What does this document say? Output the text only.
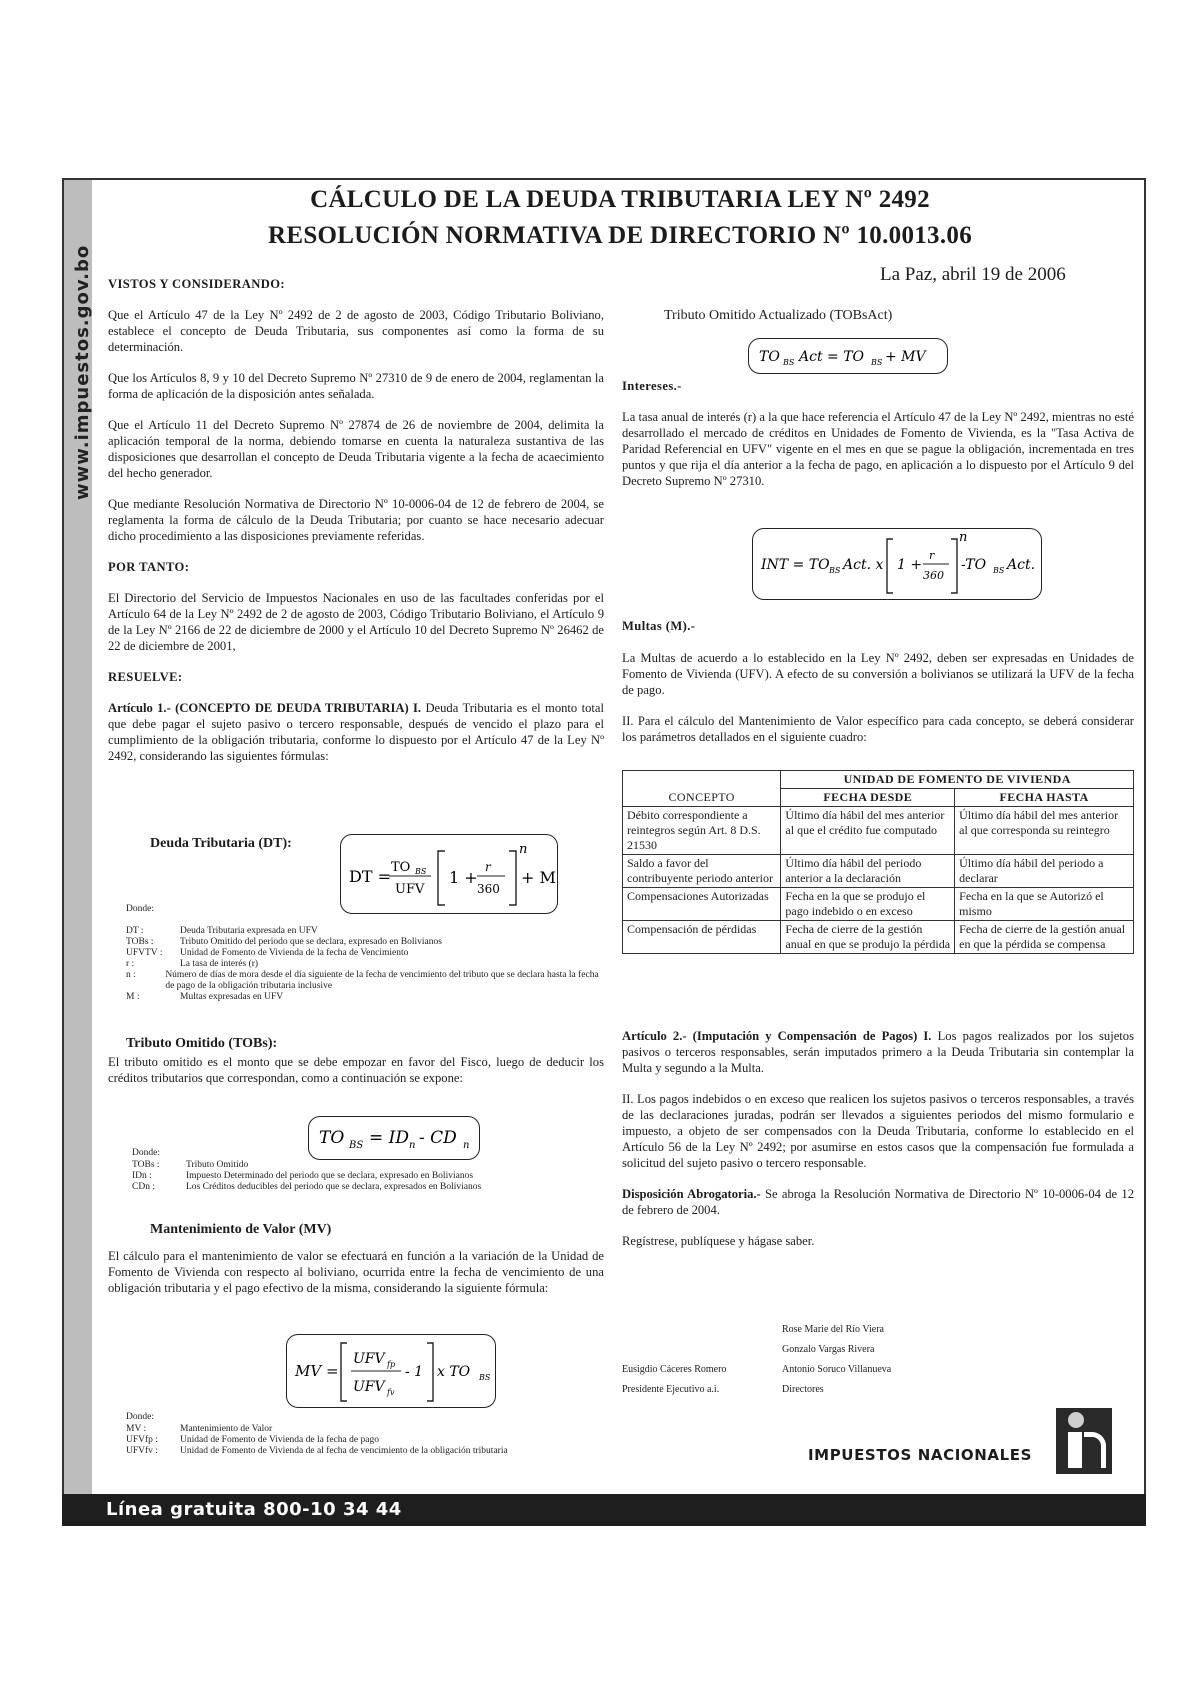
www.impuestos.gov.bo
CÁLCULO DE LA DEUDA TRIBUTARIA LEY Nº 2492
RESOLUCIÓN NORMATIVA DE DIRECTORIO Nº 10.0013.06
La Paz, abril 19 de 2006
VISTOS Y CONSIDERANDO:

Que el Artículo 47 de la Ley Nº 2492 de 2 de agosto de 2003, Código Tributario Boliviano, establece el concepto de Deuda Tributaria, sus componentes así como la forma de su determinación.

Que los Artículos 8, 9 y 10 del Decreto Supremo Nº 27310 de 9 de enero de 2004, reglamentan la forma de aplicación de la disposición antes señalada.

Que el Artículo 11 del Decreto Supremo Nº 27874 de 26 de noviembre de 2004, delimita la aplicación temporal de la norma, debiendo tomarse en cuenta la naturaleza sustantiva de las disposiciones que desarrollan el concepto de Deuda Tributaria vigente a la fecha de acaecimiento del hecho generador.

Que mediante Resolución Normativa de Directorio Nº 10-0006-04 de 12 de febrero de 2004, se reglamenta la forma de cálculo de la Deuda Tributaria; por cuanto se hace necesario adecuar dicho procedimiento a las disposiciones previamente referidas.

POR TANTO:

El Directorio del Servicio de Impuestos Nacionales en uso de las facultades conferidas por el Artículo 64 de la Ley Nº 2492 de 2 de agosto de 2003, Código Tributario Boliviano, el Artículo 9 de la Ley Nº 2166 de 22 de diciembre de 2000 y el Artículo 10 del Decreto Supremo Nº 26462 de 22 de diciembre de 2001,

RESUELVE:

Artículo 1.- (CONCEPTO DE DEUDA TRIBUTARIA) I. Deuda Tributaria es el monto total que debe pagar el sujeto pasivo o tercero responsable, después de vencido el plazo para el cumplimiento de la obligación tributaria, conforme lo dispuesto por el Artículo 47 de la Ley Nº 2492, considerando las siguientes fórmulas:

Deuda Tributaria (DT):
DT = TO BS
UFV
1 +
r
360
n
+ M
Donde:
DT :	Deuda Tributaria expresada en UFV
TOBs :	Tributo Omitido del periodo que se declara, expresado en Bolivianos
UFVTV :	Unidad de Fomento de Vivienda de la fecha de Vencimiento
r :	La tasa de interés (r)
n :	Número de días de mora desde el día siguiente de la fecha de vencimiento del tributo que se declara hasta la fecha de pago de la obligación tributaria inclusive
M :	Multas expresadas en UFV
Tributo Omitido (TOBs):
El tributo omitido es el monto que se debe empozar en favor del Fisco, luego de deducir los créditos tributarios que correspondan, como a continuación se expone:
TO BS = ID n - CD n
Donde:
TOBs :	Tributo Omitido
IDn :	Impuesto Determinado del periodo que se declara, expresado en Bolivianos
CDn :	Los Créditos deducibles del periodo que se declara, expresados en Bolivianos
Mantenimiento de Valor (MV)
El cálculo para el mantenimiento de valor se efectuará en función a la variación de la Unidad de Fomento de Vivienda con respecto al boliviano, ocurrida entre la fecha de vencimiento de una obligación tributaria y el pago efectivo de la misma, considerando la siguiente fórmula:
MV =
UFV fp
UFV fv
- 1 x TO BS
Donde:
MV :	Mantenimiento de Valor
UFVfp :	Unidad de Fomento de Vivienda de la fecha de pago
UFVfv :	Unidad de Fomento de Vivienda de al fecha de vencimiento de la obligación tributaria
Tributo Omitido Actualizado (TOBsAct)
TO BS Act = TO BS + MV
Intereses.-

La tasa anual de interés (r) a la que hace referencia el Artículo 47 de la Ley Nº 2492, mientras no esté desarrollado el mercado de créditos en Unidades de Fomento de Vivienda, es la "Tasa Activa de Paridad Referencial en UFV" vigente en el mes en que se pague la obligación, incrementada en tres puntos y que rija el día anterior a la fecha de pago, en aplicación a lo dispuesto por el Artículo 9 del Decreto Supremo Nº 27310.

INT = TO BS Act. x 1 +
r
360
n
-TO BS Act.
Multas (M).-

La Multas de acuerdo a lo establecido en la Ley Nº 2492, deben ser expresadas en Unidades de Fomento de Vivienda (UFV). A efecto de su conversión a bolivianos se utilizará la UFV de la fecha de pago.

II. Para el cálculo del Mantenimiento de Valor específico para cada concepto, se deberá considerar los parámetros detallados en el siguiente cuadro:

	UNIDAD DE FOMENTO DE VIVIENDA	
CONCEPTO	FECHA DESDE	FECHA HASTA
Débito correspondiente a reintegros según Art. 8 D.S. 21530	Último día hábil del mes anterior al que el crédito fue computado	Último día hábil del mes anterior al que corresponda su reintegro
Saldo a favor del contribuyente periodo anterior	Último día hábil del periodo anterior a la declaración	Último día hábil del periodo a declarar
Compensaciones Autorizadas	Fecha en la que se produjo el pago indebido o en exceso	Fecha en la que se Autorizó el mismo
Compensación de pérdidas	Fecha de cierre de la gestión anual en que se produjo la pérdida	Fecha de cierre de la gestión anual en que la pérdida se compensa

Artículo 2.- (Imputación y Compensación de Pagos) I. Los pagos realizados por los sujetos pasivos o terceros responsables, serán imputados primero a la Deuda Tributaria sin contemplar la Multa y segundo a la Multa.

II. Los pagos indebidos o en exceso que realicen los sujetos pasivos o terceros responsables, a través de las declaraciones juradas, podrán ser llevados a siguientes periodos del mismo formulario e impuesto, a objeto de ser compensados con la Deuda Tributaria, conforme lo establecido en el Artículo 56 de la Ley Nº 2492; por asumirse en estos casos que la compensación fue formulada a solicitud del sujeto pasivo o tercero responsable.

Disposición Abrogatoria.- Se abroga la Resolución Normativa de Directorio Nº 10-0006-04 de 12 de febrero de 2004.

Regístrese, publíquese y hágase saber.

Rose Marie del Río Viera
Gonzalo Vargas Rivera
Antonio Soruco Villanueva
Directores
Eusigdio Cáceres Romero
Presidente Ejecutivo a.i.
IMPUESTOS NACIONALES
Línea gratuita 800-10 34 44
